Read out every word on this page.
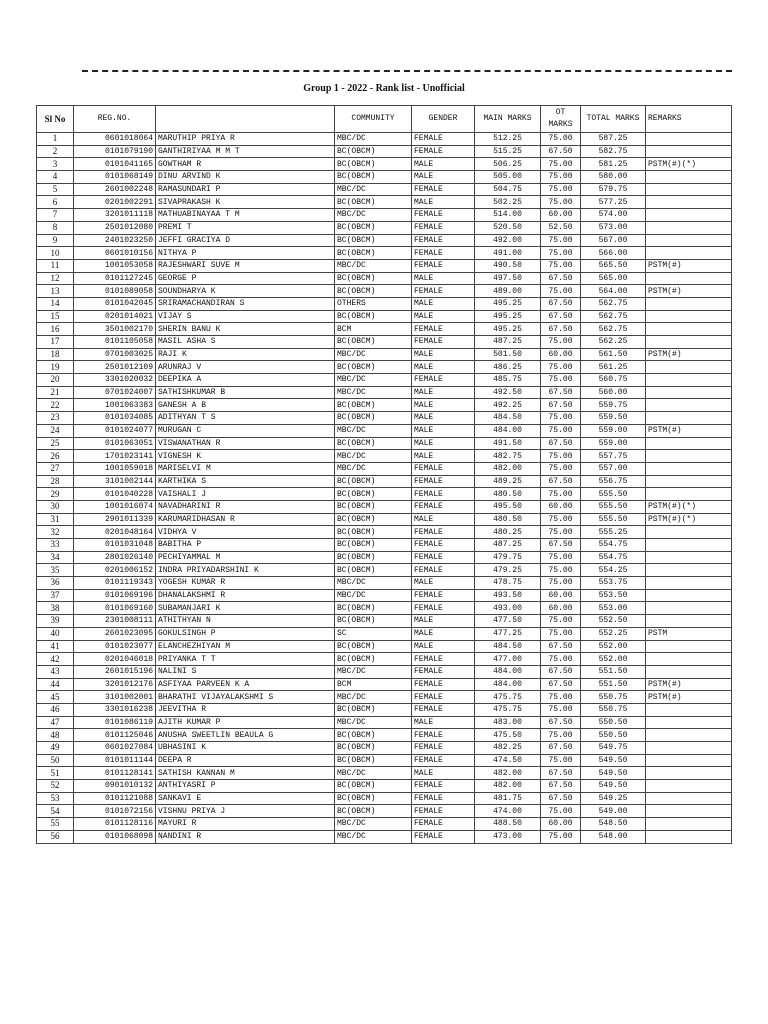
Group 1 - 2022 - Rank list - Unofficial
Sl No	REG.NO.		COMMUNITY	GENDER	MAIN MARKS	OT MARKS	TOTAL MARKS	REMARKS
1	0601018064	MARUTHIP PRIYA R	MBC/DC	FEMALE	512.25	75.00	587.25	
2	0101079190	GANTHIRIYAA M M T	BC(OBCM)	FEMALE	515.25	67.50	582.75	
3	0101041165	GOWTHAM R	BC(OBCM)	MALE	506.25	75.00	581.25	PSTM(#)(*)
4	0101068149	DINU ARVIND K	BC(OBCM)	MALE	505.00	75.00	580.00	
5	2601002248	RAMASUNDARI P	MBC/DC	FEMALE	504.75	75.00	579.75	
6	0201002291	SIVAPRAKASH K	BC(OBCM)	MALE	502.25	75.00	577.25	
7	3201011118	MATHUABINAYAA T M	MBC/DC	FEMALE	514.00	60.00	574.00	
8	2501012080	PREMI T	BC(OBCM)	FEMALE	520.50	52.50	573.00	
9	2401023250	JEFFI GRACIYA D	BC(OBCM)	FEMALE	492.00	75.00	567.00	
10	0601010156	NITHYA P	BC(OBCM)	FEMALE	491.00	75.00	566.00	
11	1001053058	RAJESHWARI SUVE M	MBC/DC	FEMALE	490.50	75.00	565.50	PSTM(#)
12	0101127245	GEORGE P	BC(OBCM)	MALE	497.50	67.50	565.00	
13	0101089058	SOUNDHARYA K	BC(OBCM)	FEMALE	489.00	75.00	564.00	PSTM(#)
14	0101042045	SRIRAMACHANDIRAN S	OTHERS	MALE	495.25	67.50	562.75	
15	0201014021	VIJAY S	BC(OBCM)	MALE	495.25	67.50	562.75	
16	3501002170	SHERIN BANU K	BCM	FEMALE	495.25	67.50	562.75	
17	0101105058	MASIL ASHA S	BC(OBCM)	FEMALE	487.25	75.00	562.25	
18	0701003025	RAJI K	MBC/DC	MALE	501.50	60.00	561.50	PSTM(#)
19	2501012109	ARUNRAJ V	BC(OBCM)	MALE	486.25	75.00	561.25	
20	3301020032	DEEPIKA A	MBC/DC	FEMALE	485.75	75.00	560.75	
21	0701024007	SATHISHKUMAR B	MBC/DC	MALE	492.50	67.50	560.00	
22	1001063383	GANESH A B	BC(OBCM)	MALE	492.25	67.50	559.75	
23	0101034085	ADITHYAN T S	BC(OBCM)	MALE	484.50	75.00	559.50	
24	0101024077	MURUGAN C	MBC/DC	MALE	484.00	75.00	559.00	PSTM(#)
25	0101063051	VISWANATHAN R	BC(OBCM)	MALE	491.50	67.50	559.00	
26	1701023141	VIGNESH K	MBC/DC	MALE	482.75	75.00	557.75	
27	1001059018	MARISELVI M	MBC/DC	FEMALE	482.00	75.00	557.00	
28	3101002144	KARTHIKA S	BC(OBCM)	FEMALE	489.25	67.50	556.75	
29	0101040228	VAISHALI J	BC(OBCM)	FEMALE	480.50	75.00	555.50	
30	1001016074	NAVADHARINI R	BC(OBCM)	FEMALE	495.50	60.00	555.50	PSTM(#)(*)
31	2901011339	KARUMARIDHASAN R	BC(OBCM)	MALE	480.50	75.00	555.50	PSTM(#)(*)
32	0201048164	VIDHYA V	BC(OBCM)	FEMALE	480.25	75.00	555.25	
33	0101031048	BABITHA P	BC(OBCM)	FEMALE	487.25	67.50	554.75	
34	2801026140	PECHIYAMMAL M	BC(OBCM)	FEMALE	479.75	75.00	554.75	
35	0201006152	INDRA PRIYADARSHINI K	BC(OBCM)	FEMALE	479.25	75.00	554.25	
36	0101119343	YOGESH KUMAR R	MBC/DC	MALE	478.75	75.00	553.75	
37	0101069196	DHANALAKSHMI R	MBC/DC	FEMALE	493.50	60.00	553.50	
38	0101069160	SUBAMANJARI K	BC(OBCM)	FEMALE	493.00	60.00	553.00	
39	2301008111	ATHITHYAN N	BC(OBCM)	MALE	477.50	75.00	552.50	
40	2601023095	GOKULSINGH P	SC	MALE	477.25	75.00	552.25	PSTM
41	0101023077	ELANCHEZHIYAN M	BC(OBCM)	MALE	484.50	67.50	552.00	
42	0201046018	PRIYANKA T T	BC(OBCM)	FEMALE	477.00	75.00	552.00	
43	2601015196	NALINI S	MBC/DC	FEMALE	484.00	67.50	551.50	
44	3201012176	ASFIYAA PARVEEN K A	BCM	FEMALE	484.00	67.50	551.50	PSTM(#)
45	3101002001	BHARATHI VIJAYALAKSHMI S	MBC/DC	FEMALE	475.75	75.00	550.75	PSTM(#)
46	3301016238	JEEVITHA R	BC(OBCM)	FEMALE	475.75	75.00	550.75	
47	0101086119	AJITH KUMAR P	MBC/DC	MALE	483.00	67.50	550.50	
48	0101125046	ANUSHA SWEETLIN BEAULA G	BC(OBCM)	FEMALE	475.50	75.00	550.50	
49	0601027084	UBHASINI K	BC(OBCM)	FEMALE	482.25	67.50	549.75	
50	0101011144	DEEPA R	BC(OBCM)	FEMALE	474.50	75.00	549.50	
51	0101128141	SATHISH KANNAN M	MBC/DC	MALE	482.00	67.50	549.50	
52	0901010132	ANTHIYASRI P	BC(OBCM)	FEMALE	482.00	67.50	549.50	
53	0101121088	SANKAVI E	BC(OBCM)	FEMALE	481.75	67.50	549.25	
54	0101072156	VISHNU PRIYA J	BC(OBCM)	FEMALE	474.00	75.00	549.00	
55	0101128116	MAYURI R	MBC/DC	FEMALE	488.50	60.00	548.50	
56	0101068098	NANDINI R	MBC/DC	FEMALE	473.00	75.00	548.00	
